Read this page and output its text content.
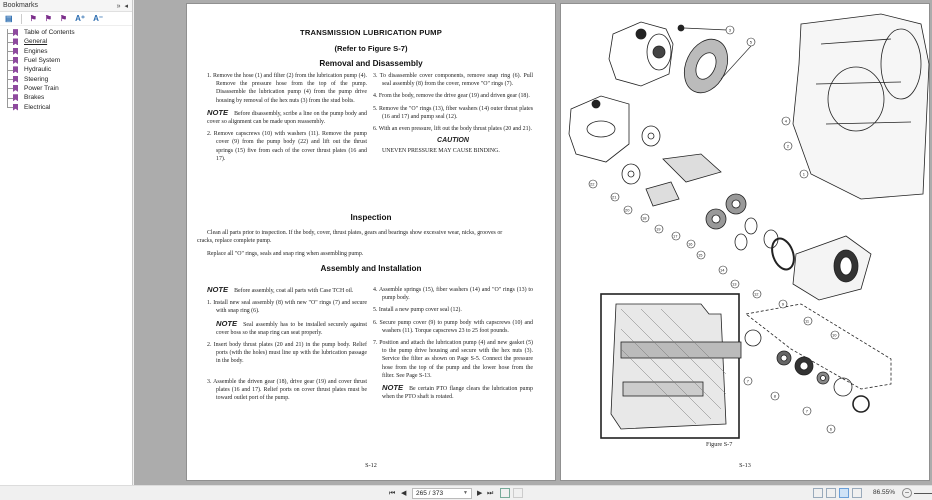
Bookmarks	» ◂
▤ ⚑ ⚑ ⚑ A⁺ A⁻
Table of Contents
General
Engines
Fuel System
Hydraulic
Steering
Power Train
Brakes
Electrical
TRANSMISSION LUBRICATION PUMP
(Refer to Figure S-7)
Removal and Disassembly
1. Remove the hose (1) and filter (2) from the lubrication pump (4). Remove the pressure hose from the top of the pump. Disassemble the lubrication pump (4) from the pump drive housing by removal of the hex nuts (3) from the stud bolts.
NOTE Before disassembly, scribe a line on the pump body and cover so alignment can be made upon reassembly.
2. Remove capscrews (10) with washers (11). Remove the pump cover (9) from the pump body (22) and lift out the thrust springs (15) five from each of the cover thrust plates (16 and 17).
3. To disassemble cover components, remove snap ring (6). Pull seal assembly (8) from the cover, remove "O" rings (7).
4. From the body, remove the drive gear (19) and driven gear (18).
5. Remove the "O" rings (13), fiber washers (14) outer thrust plates (16 and 17) and pump seal (12).
6. With an even pressure, lift out the body thrust plates (20 and 21).
CAUTION
UNEVEN PRESSURE MAY CAUSE BINDING.
Inspection
Clean all parts prior to inspection. If the body, cover, thrust plates, gears and bearings show excessive wear, nicks, grooves or cracks, replace complete pump.
Replace all "O" rings, seals and snap ring when assembling pump.
Assembly and Installation
NOTE Before assembly, coat all parts with Case TCH oil.
1. Install new seal assembly (8) with new "O" rings (7) and secure with snap ring (6).
NOTE Seal assembly has to be installed securely against cover boss so the snap ring can seat properly.
2. Insert body thrust plates (20 and 21) in the pump body. Relief ports (with the holes) must line up with the lubrication passage in the body.
3. Assemble the driven gear (18), drive gear (19) and cover thrust plates (16 and 17). Relief ports on cover thrust plates must be toward outlet port of the pump.
4. Assemble springs (15), fiber washers (14) and "O" rings (13) to pump body.
5. Install a new pump cover seal (12).
6. Secure pump cover (9) to pump body with capscrews (10) and washers (11). Torque capscrews 23 to 25 foot pounds.
7. Position and attach the lubrication pump (4) and new gasket (5) to the pump drive housing and secure with the hex nuts (3). Service the filter as shown on Page S-5. Connect the pressure hose from the top of the pump and the lower hose from the filter. See Page S-13.
NOTE Be certain PTO flange clears the lubrication pump when the PTO shaft is rotated.
S-12
3
5
4
2
1
22
21
20
18
19
17
16
15
14
13
12
9
11
10
7
8
7
6
Figure S-7
S-13
⏮ ◀	265 / 373	▼ ▶ ⏭	86.55%	−
